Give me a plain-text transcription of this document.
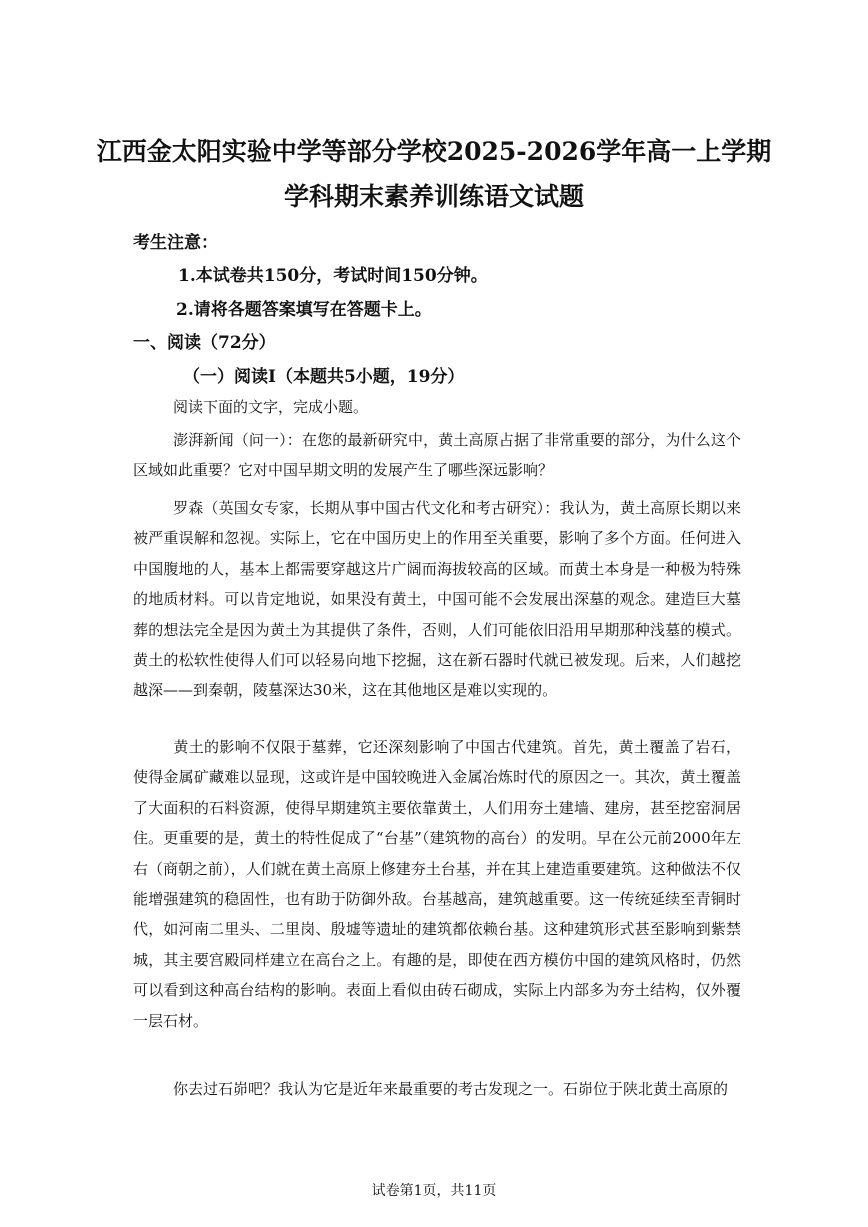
江西金太阳实验中学等部分学校2025-2026学年高一上学期
学科期末素养训练语文试题
考生注意：
1.本试卷共150分，考试时间150分钟。
2.请将各题答案填写在答题卡上。
一、阅读（72分）
（一）阅读I（本题共5小题，19分）
阅读下面的文字，完成小题。

澎湃新闻（问一）：在您的最新研究中，黄土高原占据了非常重要的部分，为什么这个区域如此重要？它对中国早期文明的发展产生了哪些深远影响？

罗森（英国女专家，长期从事中国古代文化和考古研究）：我认为，黄土高原长期以来被严重误解和忽视。实际上，它在中国历史上的作用至关重要，影响了多个方面。任何进入中国腹地的人，基本上都需要穿越这片广阔而海拔较高的区域。而黄土本身是一种极为特殊的地质材料。可以肯定地说，如果没有黄土，中国可能不会发展出深墓的观念。建造巨大墓葬的想法完全是因为黄土为其提供了条件，否则，人们可能依旧沿用早期那种浅墓的模式。黄土的松软性使得人们可以轻易向地下挖掘，这在新石器时代就已被发现。后来，人们越挖越深——到秦朝，陵墓深达30米，这在其他地区是难以实现的。

黄土的影响不仅限于墓葬，它还深刻影响了中国古代建筑。首先，黄土覆盖了岩石，使得金属矿藏难以显现，这或许是中国较晚进入金属冶炼时代的原因之一。其次，黄土覆盖了大面积的石料资源，使得早期建筑主要依靠黄土，人们用夯土建墙、建房，甚至挖窑洞居住。更重要的是，黄土的特性促成了“台基”（建筑物的高台）的发明。早在公元前2000年左右（商朝之前），人们就在黄土高原上修建夯土台基，并在其上建造重要建筑。这种做法不仅能增强建筑的稳固性，也有助于防御外敌。台基越高，建筑越重要。这一传统延续至青铜时代，如河南二里头、二里岗、殷墟等遗址的建筑都依赖台基。这种建筑形式甚至影响到紫禁城，其主要宫殿同样建立在高台之上。有趣的是，即使在西方模仿中国的建筑风格时，仍然可以看到这种高台结构的影响。表面上看似由砖石砌成，实际上内部多为夯土结构，仅外覆一层石材。

你去过石峁吧？我认为它是近年来最重要的考古发现之一。石峁位于陕北黄土高原的

试卷第1页，共11页
